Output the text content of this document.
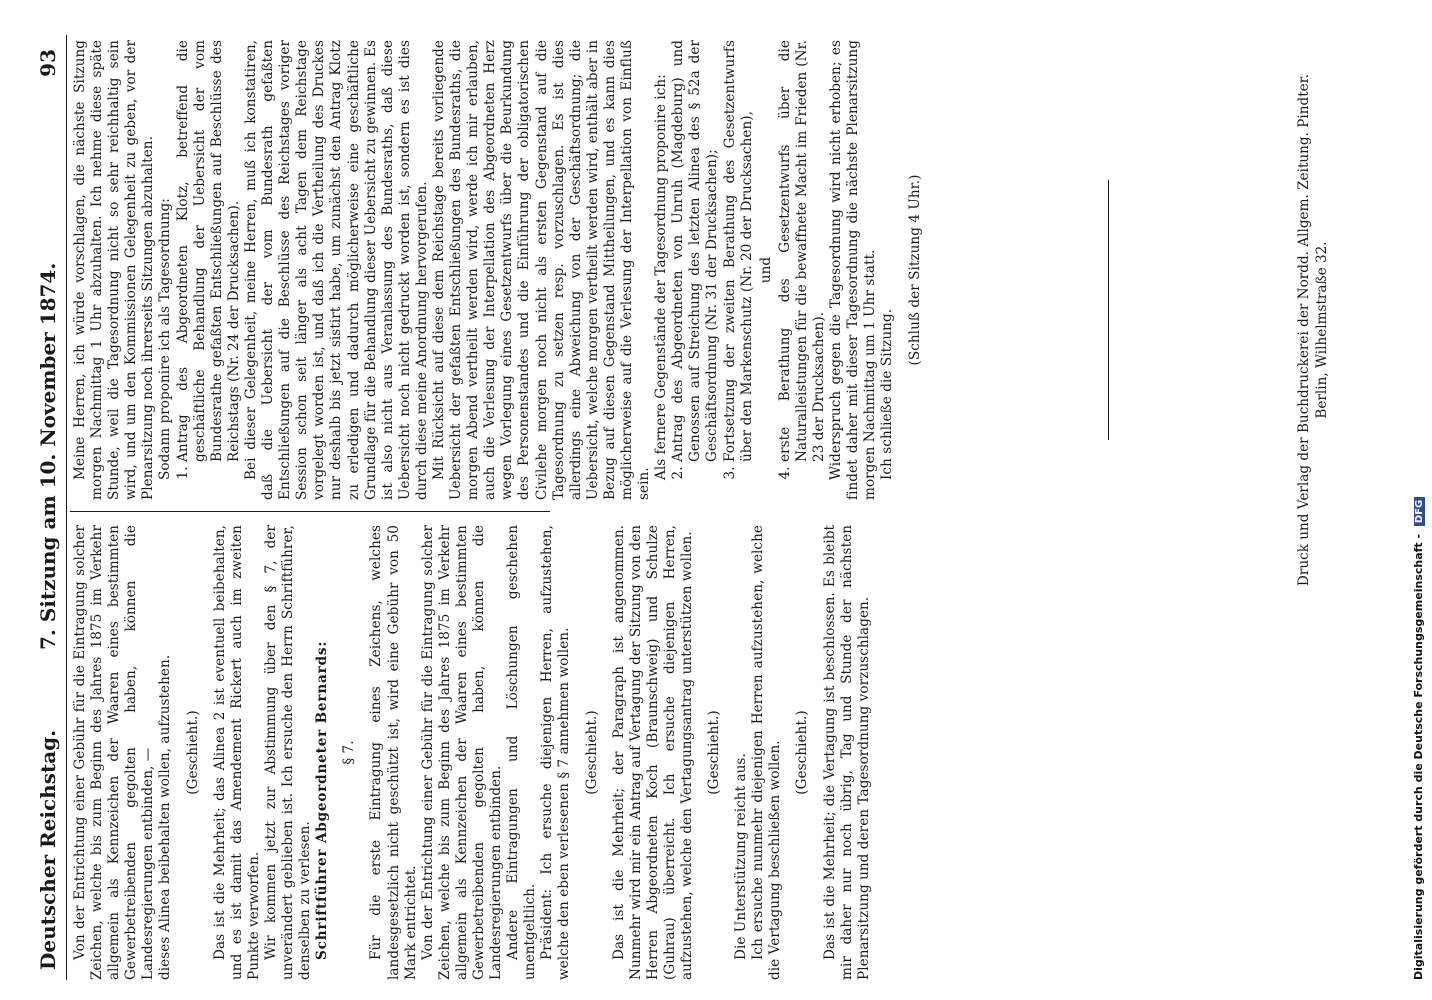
Deutscher Reichstag.
7. Sitzung am 10. November 1874.
93

Von der Entrichtung einer Gebühr für die Eintragung solcher Zeichen, welche bis zum Beginn des Jahres 1875 im Verkehr allgemein als Kennzeichen der Waaren eines bestimmten Gewerbetreibenden gegolten haben, können die Landesregierungen entbinden, — dieses Alinea beibehalten wollen, aufzustehen. (Geschieht.) Das ist die Mehrheit; das Alinea 2 ist eventuell beibehalten, und es ist damit das Amendement Rickert auch im zweiten Punkte verworfen. Wir kommen jetzt zur Abstimmung über den § 7, der unverändert geblieben ist. Ich ersuche den Herrn Schriftführer, denselben zu verlesen. Schriftführer Abgeordneter Bernards: § 7. Für die erste Eintragung eines Zeichens, welches landesgesetzlich nicht geschützt ist, wird eine Gebühr von 50 Mark entrichtet. Von der Entrichtung einer Gebühr für die Eintragung solcher Zeichen, welche bis zum Beginn des Jahres 1875 im Verkehr allgemein als Kennzeichen der Waaren eines bestimmten Gewerbetreibenden gegolten haben, können die Landesregierungen entbinden. Andere Eintragungen und Löschungen geschehen unentgeltlich. Präsident: Ich ersuche diejenigen Herren, aufzustehen, welche den eben verlesenen § 7 annehmen wollen. (Geschieht.) Das ist die Mehrheit; der Paragraph ist angenommen. Nunmehr wird mir ein Antrag auf Vertagung der Sitzung von den Herren Abgeordneten Koch (Braunschweig) und Schulze (Guhrau) überreicht. Ich ersuche diejenigen Herren, aufzustehen, welche den Vertagungsantrag unterstützen wollen. (Geschieht.)

Die Unterstützung reicht aus. Ich ersuche nunmehr diejenigen Herren aufzustehen, welche die Vertagung beschließen wollen. (Geschieht.) Das ist die Mehrheit; die Vertagung ist beschlossen. Es bleibt mir daher nur noch übrig, Tag und Stunde der nächsten Plenarsitzung und deren Tagesordnung vorzuschlagen.

Meine Herren, ich würde vorschlagen, die nächste Sitzung morgen Nachmittag 1 Uhr abzuhalten. Ich nehme diese späte Stunde, weil die Tagesordnung nicht so sehr reichhaltig sein wird, und um den Kommissionen Gelegenheit zu geben, vor der Plenarsitzung noch ihrerseits Sitzungen abzuhalten. Sodann proponire ich als Tagesordnung: 1. Antrag des Abgeordneten Klotz, betreffend die geschäftliche Behandlung der Uebersicht der vom Bundesrathe gefaßten Entschließungen auf Beschlüsse des Reichstags (Nr. 24 der Drucksachen). Bei dieser Gelegenheit, meine Herren, muß ich konstatiren, daß die Uebersicht der vom Bundesrath gefaßten Entschließungen auf die Beschlüsse des Reichstages voriger Session schon seit länger als acht Tagen dem Reichstage vorgelegt worden ist, und daß ich die Vertheilung des Druckes nur deshalb bis jetzt sistirt habe, um zunächst den Antrag Klotz zu erledigen und dadurch möglicherweise eine geschäftliche Grundlage für die Behandlung dieser Uebersicht zu gewinnen. Es ist also nicht aus Veranlassung des Bundesraths, daß diese Uebersicht noch nicht gedruckt worden ist, sondern es ist dies durch diese meine Anordnung hervorgerufen. Mit Rücksicht auf diese dem Reichstage bereits vorliegende Uebersicht der gefaßten Entschließungen des Bundesraths, die morgen Abend vertheilt werden wird, werde ich mir erlauben, auch die Verlesung der Interpellation des Abgeordneten Herz wegen Vorlegung eines Gesetzentwurfs über die Beurkundung des Personenstandes und die Einführung der obligatorischen Civilehe morgen noch nicht als ersten Gegenstand auf die Tagesordnung zu setzen resp. vorzuschlagen. Es ist dies allerdings eine Abweichung von der Geschäftsordnung; die Uebersicht, welche morgen vertheilt werden wird, enthält aber in Bezug auf diesen Gegenstand Mittheilungen, und es kann dies möglicherweise auf die Verlesung der Interpellation von Einfluß sein.

Als fernere Gegenstände der Tagesordnung proponire ich: 2. Antrag des Abgeordneten von Unruh (Magdeburg) und Genossen auf Streichung des letzten Alinea des § 52a der Geschäftsordnung (Nr. 31 der Drucksachen); 3. Fortsetzung der zweiten Berathung des Gesetzentwurfs über den Markenschutz (Nr. 20 der Drucksachen), und 4. erste Berathung des Gesetzentwurfs über die Naturalleistungen für die bewaffnete Macht im Frieden (Nr. 23 der Drucksachen). Widerspruch gegen die Tagesordnung wird nicht erhoben; es findet daher mit dieser Tagesordnung die nächste Plenarsitzung morgen Nachmittag um 1 Uhr statt. Ich schließe die Sitzung.

(Schluß der Sitzung 4 Uhr.)	Druck und Verlag der Buchdruckerei der Nordd. Allgem. Zeitung. Pindter. Berlin, Wilhelmstraße 32.
Digitalisierung gefördert durch die Deutsche Forschungsgemeinschaft - DFG
